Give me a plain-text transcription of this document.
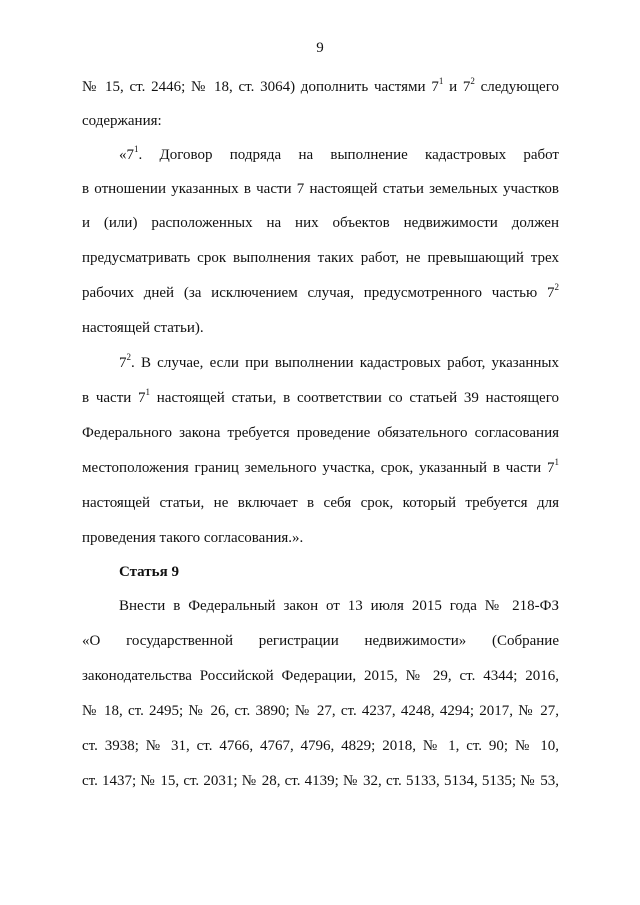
9
№ 15, ст. 2446; № 18, ст. 3064) дополнить частями $7^1$ и $7^2$ следующего
содержания:
«$7^1$. Договор подряда на выполнение кадастровых работ
в отношении указанных в части 7 настоящей статьи земельных участков
и (или) расположенных на них объектов недвижимости должен
предусматривать срок выполнения таких работ, не превышающий трех
рабочих дней (за исключением случая, предусмотренного частью $7^2$
настоящей статьи).
$7^2$. В случае, если при выполнении кадастровых работ, указанных
в части $7^1$ настоящей статьи, в соответствии со статьей 39 настоящего
Федерального закона требуется проведение обязательного согласования
местоположения границ земельного участка, срок, указанный в части $7^1$
настоящей статьи, не включает в себя срок, который требуется для
проведения такого согласования.».
Статья 9
Внести в Федеральный закон от 13 июля 2015 года № 218-ФЗ
«О государственной регистрации недвижимости» (Собрание
законодательства Российской Федерации, 2015, № 29, ст. 4344; 2016,
№ 18, ст. 2495; № 26, ст. 3890; № 27, ст. 4237, 4248, 4294; 2017, № 27,
ст. 3938; № 31, ст. 4766, 4767, 4796, 4829; 2018, № 1, ст. 90; № 10,
ст. 1437; № 15, ст. 2031; № 28, ст. 4139; № 32, ст. 5133, 5134, 5135; № 53,
